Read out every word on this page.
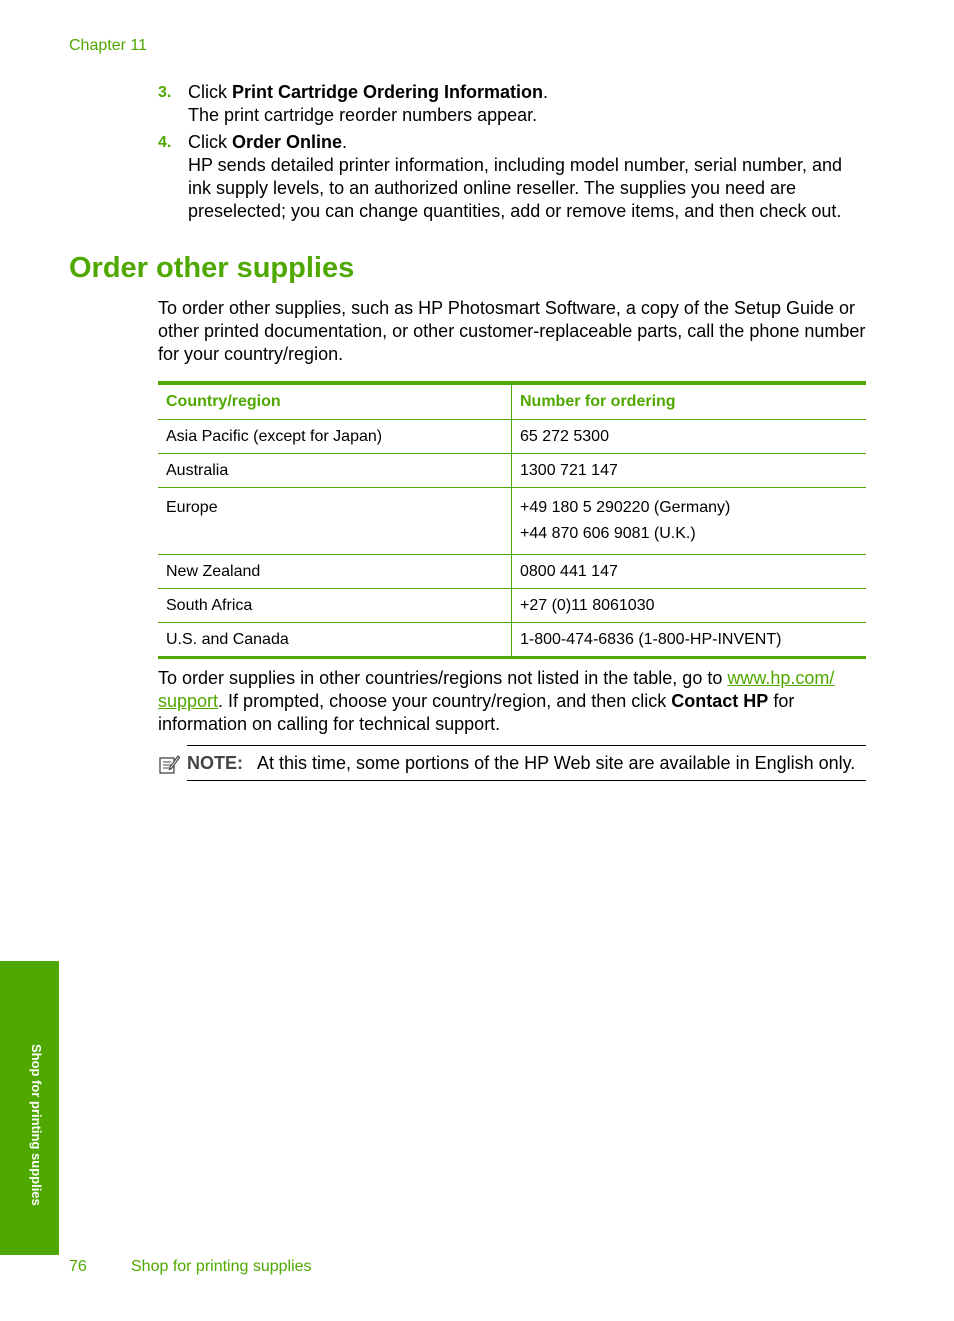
Chapter 11
3. Click Print Cartridge Ordering Information.

The print cartridge reorder numbers appear.

4. Click Order Online.

HP sends detailed printer information, including model number, serial number, and ink supply levels, to an authorized online reseller. The supplies you need are preselected; you can change quantities, add or remove items, and then check out.

Order other supplies

To order other supplies, such as HP Photosmart Software, a copy of the Setup Guide or other printed documentation, or other customer-replaceable parts, call the phone number for your country/region.

Country/region	Number for ordering
Asia Pacific (except for Japan)	65 272 5300
Australia	1300 721 147
Europe	+49 180 5 290220 (Germany)
+44 870 606 9081 (U.K.)

New Zealand	0800 441 147
South Africa	+27 (0)11 8061030
U.S. and Canada	1-800-474-6836 (1-800-HP-INVENT)

To order supplies in other countries/regions not listed in the table, go to www.hp.com/
support. If prompted, choose your country/region, and then click Contact HP for information on calling for technical support.

NOTE: At this time, some portions of the HP Web site are available in English only.
Shop for printing supplies
76	Shop for printing supplies
